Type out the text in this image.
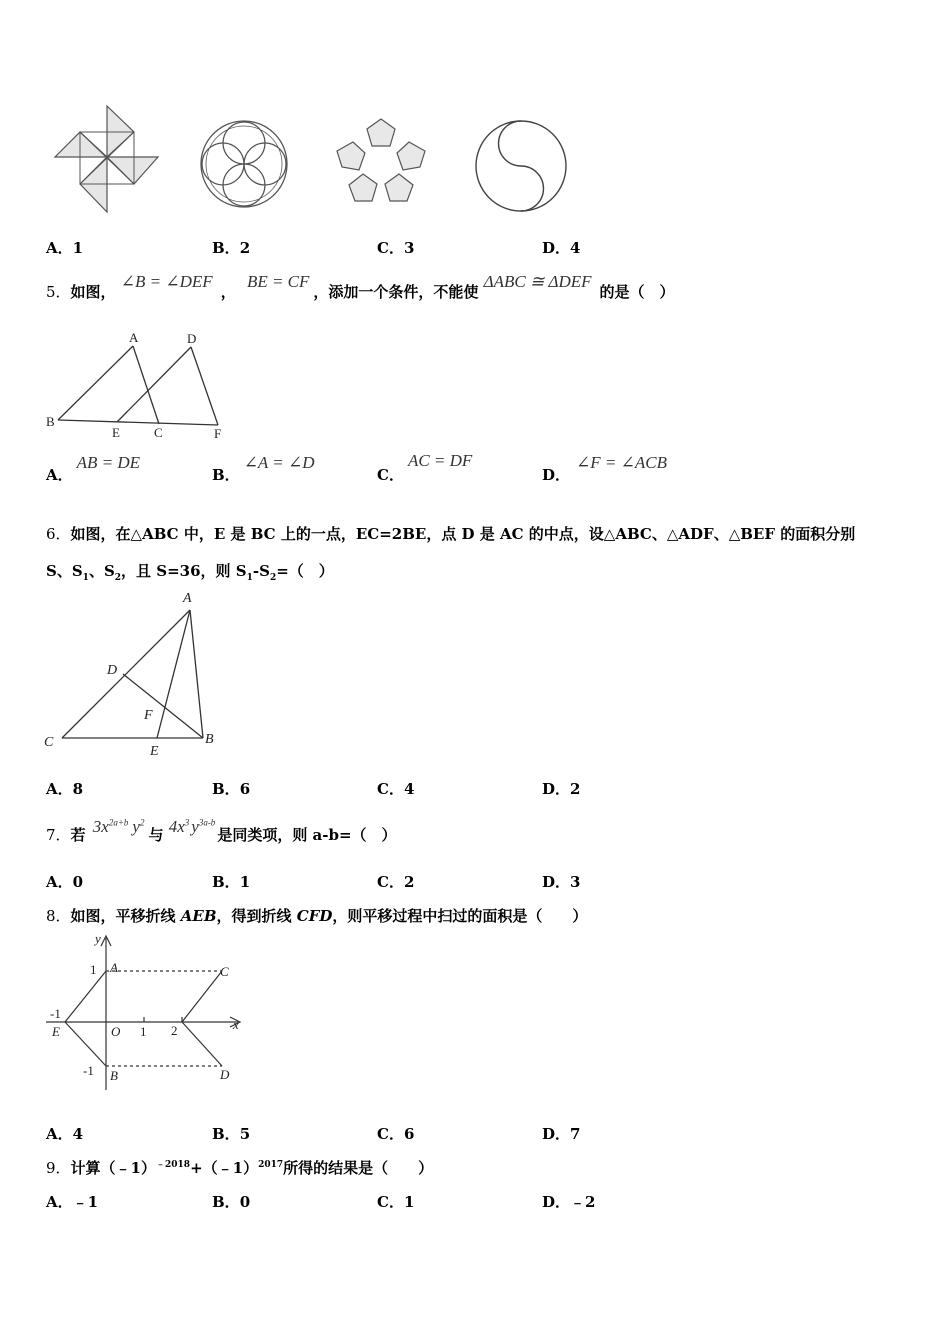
A．1	B．2	C．3	D．4
5．如图， ∠B = ∠DEF， BE = CF，添加一个条件，不能使 ΔABC ≅ ΔDEF的是（　）
A	D
B
E	C	F
A．AB = DE
B．∠A = ∠D
C．AC = DF
D．∠F = ∠ACB
6．如图，在△ABC 中，E 是 BC 上的一点，EC=2BE，点 D 是 AC 的中点，设△ABC、△ADF、△BEF 的面积分别
S、$S_1$、$S_2$，且 S=36，则 $S_1-S_2=$（　）
A
D
F
C
E
B
A．8	B．6	C．4	D．2
7．若 $3x^{2a+b}$ $y^2$与 $4x^3$ $y^{3a-b}$是同类项，则 a-b=（　）
A．0	B．1	C．2	D．3
8．如图，平移折线 AEB，得到折线 CFD，则平移过程中扫过的面积是（　　）
y
x
1 A	C
-1
E	O 1 2
-1 B	D
A．4	B．5	C．6	D．7
9．计算（﹣1）$^{﹣2018}$+（﹣1）$^{2017}$所得的结果是（　　）
A．﹣1	B．0	C．1	D．﹣2
